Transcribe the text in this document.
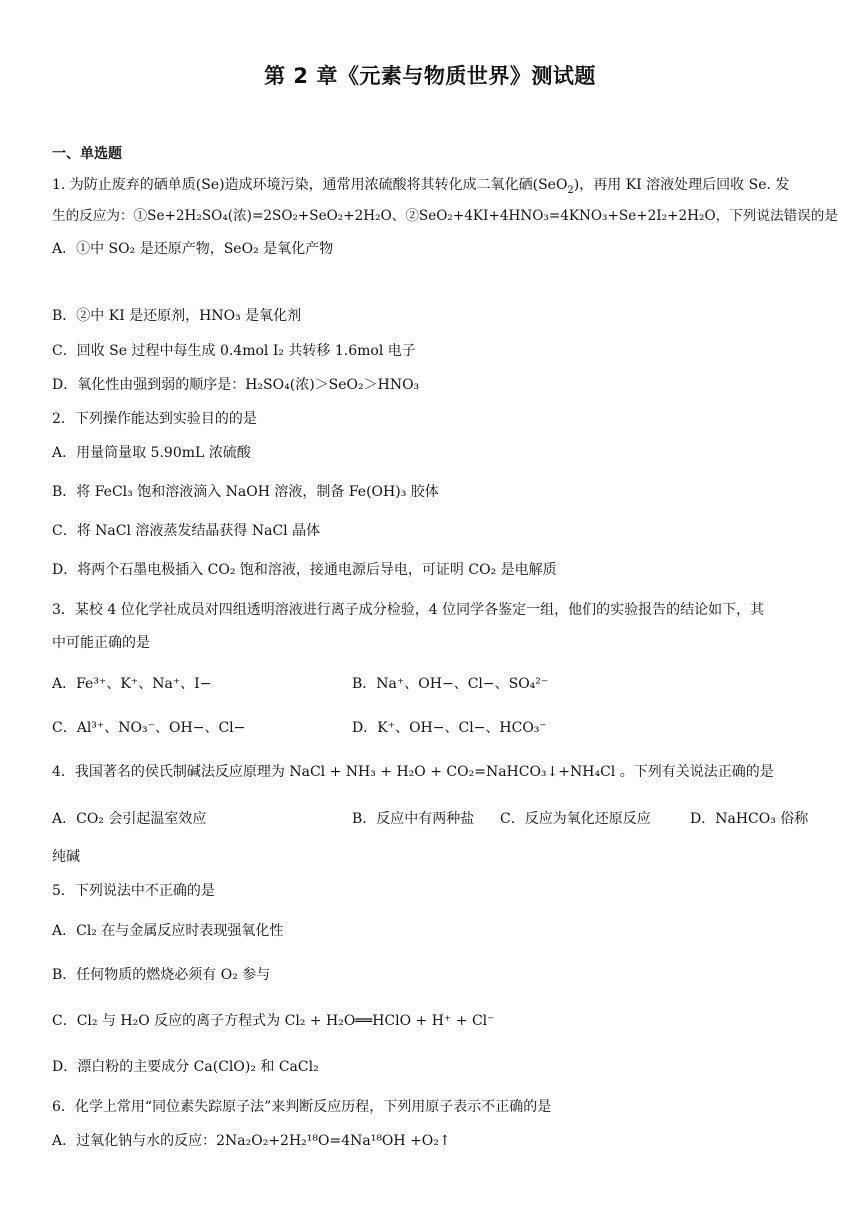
第 2 章《元素与物质世界》测试题
一、单选题
1. 为防止废弃的硒单质(Se)造成环境污染，通常用浓硫酸将其转化成二氧化硒(SeO$_2$)，再用 KI 溶液处理后回收 Se. 发
生的反应为：①Se+2H₂SO₄(浓)=2SO₂+SeO₂+2H₂O、②SeO₂+4KI+4HNO₃=4KNO₃+Se+2I₂+2H₂O，下列说法错误的是
A．①中 SO₂ 是还原产物，SeO₂ 是氧化产物
B．②中 KI 是还原剂，HNO₃ 是氧化剂
C．回收 Se 过程中每生成 0.4mol I₂ 共转移 1.6mol 电子
D．氧化性由强到弱的顺序是：H₂SO₄(浓)＞SeO₂＞HNO₃
2．下列操作能达到实验目的的是
A．用量筒量取 5.90mL 浓硫酸
B．将 FeCl₃ 饱和溶液滴入 NaOH 溶液，制备 Fe(OH)₃ 胶体
C．将 NaCl 溶液蒸发结晶获得 NaCl 晶体
D．将两个石墨电极插入 CO₂ 饱和溶液，接通电源后导电，可证明 CO₂ 是电解质
3．某校 4 位化学社成员对四组透明溶液进行离子成分检验，4 位同学各鉴定一组，他们的实验报告的结论如下，其
中可能正确的是
A．Fe³⁺、K⁺、Na⁺、I−	B．Na⁺、OH−、Cl−、SO₄²⁻
C．Al³⁺、NO₃⁻、OH−、Cl−	D．K⁺、OH−、Cl−、HCO₃⁻
4．我国著名的侯氏制碱法反应原理为 NaCl + NH₃ + H₂O + CO₂=NaHCO₃↓+NH₄Cl 。下列有关说法正确的是
A．CO₂ 会引起温室效应	B．反应中有两种盐 C．反应为氧化还原反应	D．NaHCO₃ 俗称
纯碱
5．下列说法中不正确的是
A．Cl₂ 在与金属反应时表现强氧化性
B．任何物质的燃烧必须有 O₂ 参与
C．Cl₂ 与 H₂O 反应的离子方程式为 Cl₂ + H₂O══HClO + H⁺ + Cl⁻
D．漂白粉的主要成分 Ca(ClO)₂ 和 CaCl₂
6．化学上常用“同位素失踪原子法”来判断反应历程，下列用原子表示不正确的是
A．过氧化钠与水的反应：2Na₂O₂+2H₂¹⁸O=4Na¹⁸OH +O₂↑
